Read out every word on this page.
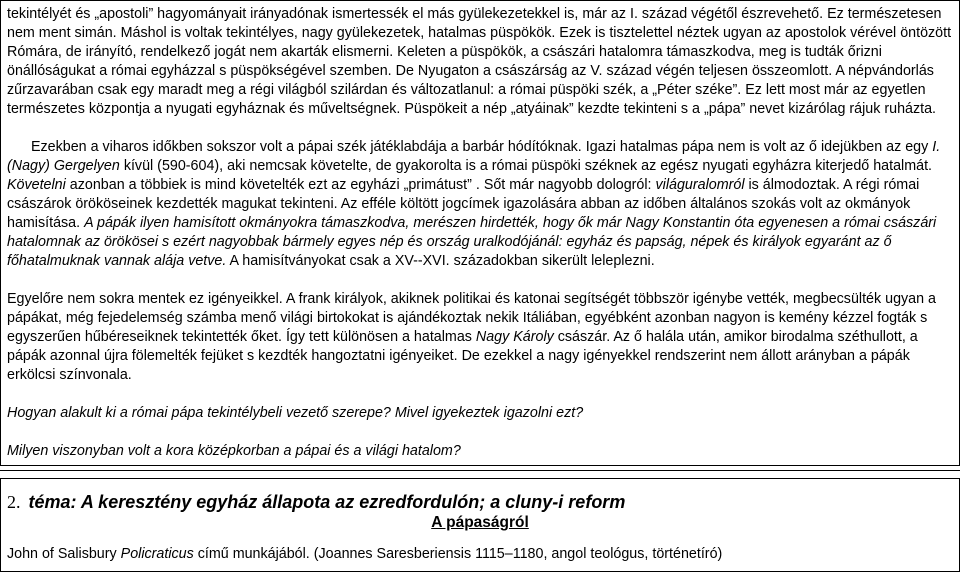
tekintélyét és „apostoli” hagyományait irányadónak ismertessék el más gyülekezetekkel is, már az I. század végétől észrevehető. Ez természetesen nem ment simán. Máshol is voltak tekintélyes, nagy gyülekezetek, hatalmas püspökök. Ezek is tisztelettel néztek ugyan az apostolok vérével öntözött Rómára, de irányító, rendelkező jogát nem akarták elismerni. Keleten a püspökök, a császári hatalomra támaszkodva, meg is tudták őrizni önállóságukat a római egyházzal s püspökségével szemben. De Nyugaton a császárság az V. század végén teljesen összeomlott. A népvándorlás zűrzavarában csak egy maradt meg a régi világból szilárdan és változatlanul: a római püspöki szék, a „Péter széke”. Ez lett most már az egyetlen természetes központja a nyugati egyháznak és műveltségnek. Püspökeit a nép „atyáinak” kezdte tekinteni s a „pápa” nevet kizárólag rájuk ruházta.

Ezekben a viharos időkben sokszor volt a pápai szék játéklabdája a barbár hódítóknak. Igazi hatalmas pápa nem is volt az ő idejükben az egy I. (Nagy) Gergelyen kívül (590-604), aki nemcsak követelte, de gyakorolta is a római püspöki széknek az egész nyugati egyházra kiterjedő hatalmát. Követelni azonban a többiek is mind követelték ezt az egyházi „primátust” . Sőt már nagyobb dologról: világuralomról is álmodoztak. A régi római császárok örököseinek kezdették magukat tekinteni. Az efféle költött jogcímek igazolására abban az időben általános szokás volt az okmányok hamisítása. A pápák ilyen hamisított okmányokra támaszkodva, merészen hirdették, hogy ők már Nagy Konstantin óta egyenesen a római császári hatalomnak az örökösei s ezért nagyobbak bármely egyes nép és ország uralkodójánál: egyház és papság, népek és királyok egyaránt az ő főhatalmuknak vannak alája vetve. A hamisítványokat csak a XV--XVI. századokban sikerült leleplezni.

Egyelőre nem sokra mentek ez igényeikkel. A frank királyok, akiknek politikai és katonai segítségét többször igénybe vették, megbecsülték ugyan a pápákat, még fejedelemség számba menő világi birtokokat is ajándékoztak nekik Itáliában, egyébként azonban nagyon is kemény kézzel fogták s egyszerűen hűbéreseiknek tekintették őket. Így tett különösen a hatalmas Nagy Károly császár. Az ő halála után, amikor birodalma széthullott, a pápák azonnal újra fölemelték fejüket s kezdték hangoztatni igényeiket. De ezekkel a nagy igényekkel rendszerint nem állott arányban a pápák erkölcsi színvonala.

Hogyan alakult ki a római pápa tekintélybeli vezető szerepe? Mivel igyekeztek igazolni ezt?

Milyen viszonyban volt a kora középkorban a pápai és a világi hatalom?

2. téma: A keresztény egyház állapota az ezredfordulón; a cluny-i reform
A pápaságról

John of Salisbury Policraticus című munkájából. (Joannes Saresberiensis 1115–1180, angol teológus, történetíró)
